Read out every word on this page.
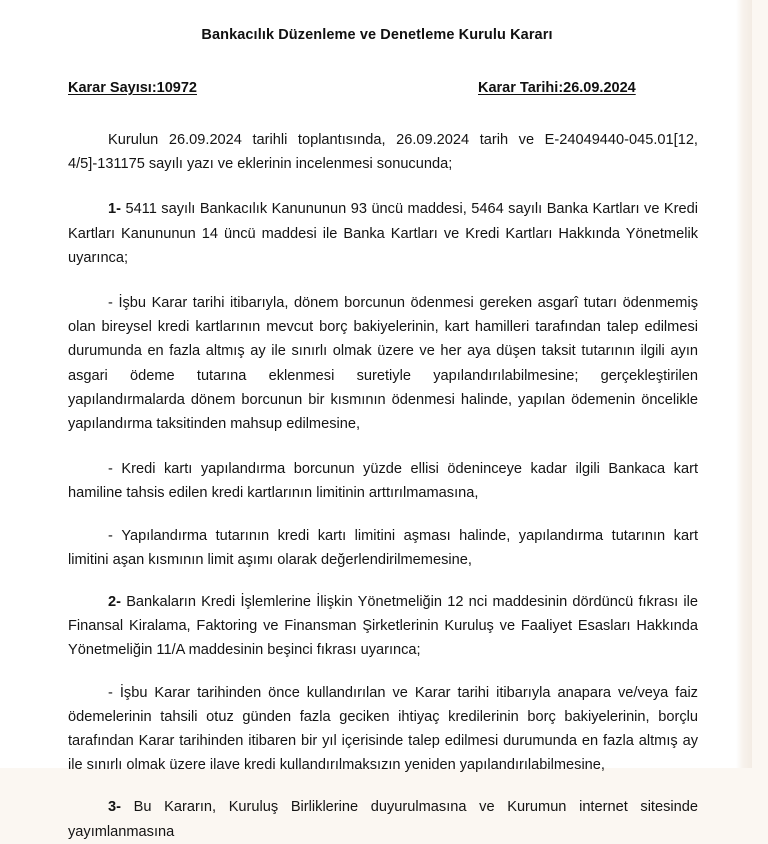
Bankacılık Düzenleme ve Denetleme Kurulu Kararı
Karar Sayısı:10972	Karar Tarihi:26.09.2024

Kurulun 26.09.2024 tarihli toplantısında, 26.09.2024 tarih ve E-24049440-045.01[12, 4/5]-131175 sayılı yazı ve eklerinin incelenmesi sonucunda;

1- 5411 sayılı Bankacılık Kanununun 93 üncü maddesi, 5464 sayılı Banka Kartları ve Kredi Kartları Kanununun 14 üncü maddesi ile Banka Kartları ve Kredi Kartları Hakkında Yönetmelik uyarınca;

- İşbu Karar tarihi itibarıyla, dönem borcunun ödenmesi gereken asgarî tutarı ödenmemiş olan bireysel kredi kartlarının mevcut borç bakiyelerinin, kart hamilleri tarafından talep edilmesi durumunda en fazla altmış ay ile sınırlı olmak üzere ve her aya düşen taksit tutarının ilgili ayın asgari ödeme tutarına eklenmesi suretiyle yapılandırılabilmesine; gerçekleştirilen yapılandırmalarda dönem borcunun bir kısmının ödenmesi halinde, yapılan ödemenin öncelikle yapılandırma taksitinden mahsup edilmesine,

- Kredi kartı yapılandırma borcunun yüzde ellisi ödeninceye kadar ilgili Bankaca kart hamiline tahsis edilen kredi kartlarının limitinin arttırılmamasına,

- Yapılandırma tutarının kredi kartı limitini aşması halinde, yapılandırma tutarının kart limitini aşan kısmının limit aşımı olarak değerlendirilmemesine,

2- Bankaların Kredi İşlemlerine İlişkin Yönetmeliğin 12 nci maddesinin dördüncü fıkrası ile Finansal Kiralama, Faktoring ve Finansman Şirketlerinin Kuruluş ve Faaliyet Esasları Hakkında Yönetmeliğin 11/A maddesinin beşinci fıkrası uyarınca;

- İşbu Karar tarihinden önce kullandırılan ve Karar tarihi itibarıyla anapara ve/veya faiz ödemelerinin tahsili otuz günden fazla geciken ihtiyaç kredilerinin borç bakiyelerinin, borçlu tarafından Karar tarihinden itibaren bir yıl içerisinde talep edilmesi durumunda en fazla altmış ay ile sınırlı olmak üzere ilave kredi kullandırılmaksızın yeniden yapılandırılabilmesine,

3- Bu Kararın, Kuruluş Birliklerine duyurulmasına ve Kurumun internet sitesinde yayımlanmasına
